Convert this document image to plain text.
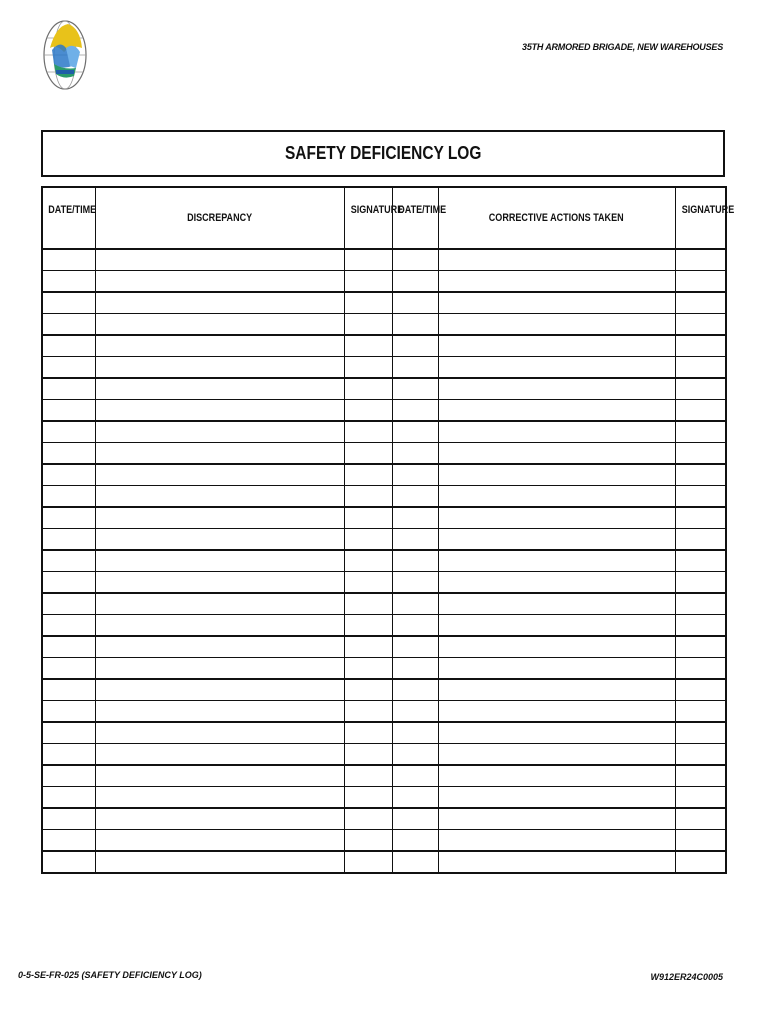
35TH ARMORED BRIGADE, NEW WAREHOUSES
SAFETY DEFICIENCY LOG
DATE/TIME	DISCREPANCY	SIGNATURE	DATE/TIME	CORRECTIVE ACTIONS TAKEN	SIGNATURE

0-5-SE-FR-025 (SAFETY DEFICIENCY LOG)	W912ER24C0005
